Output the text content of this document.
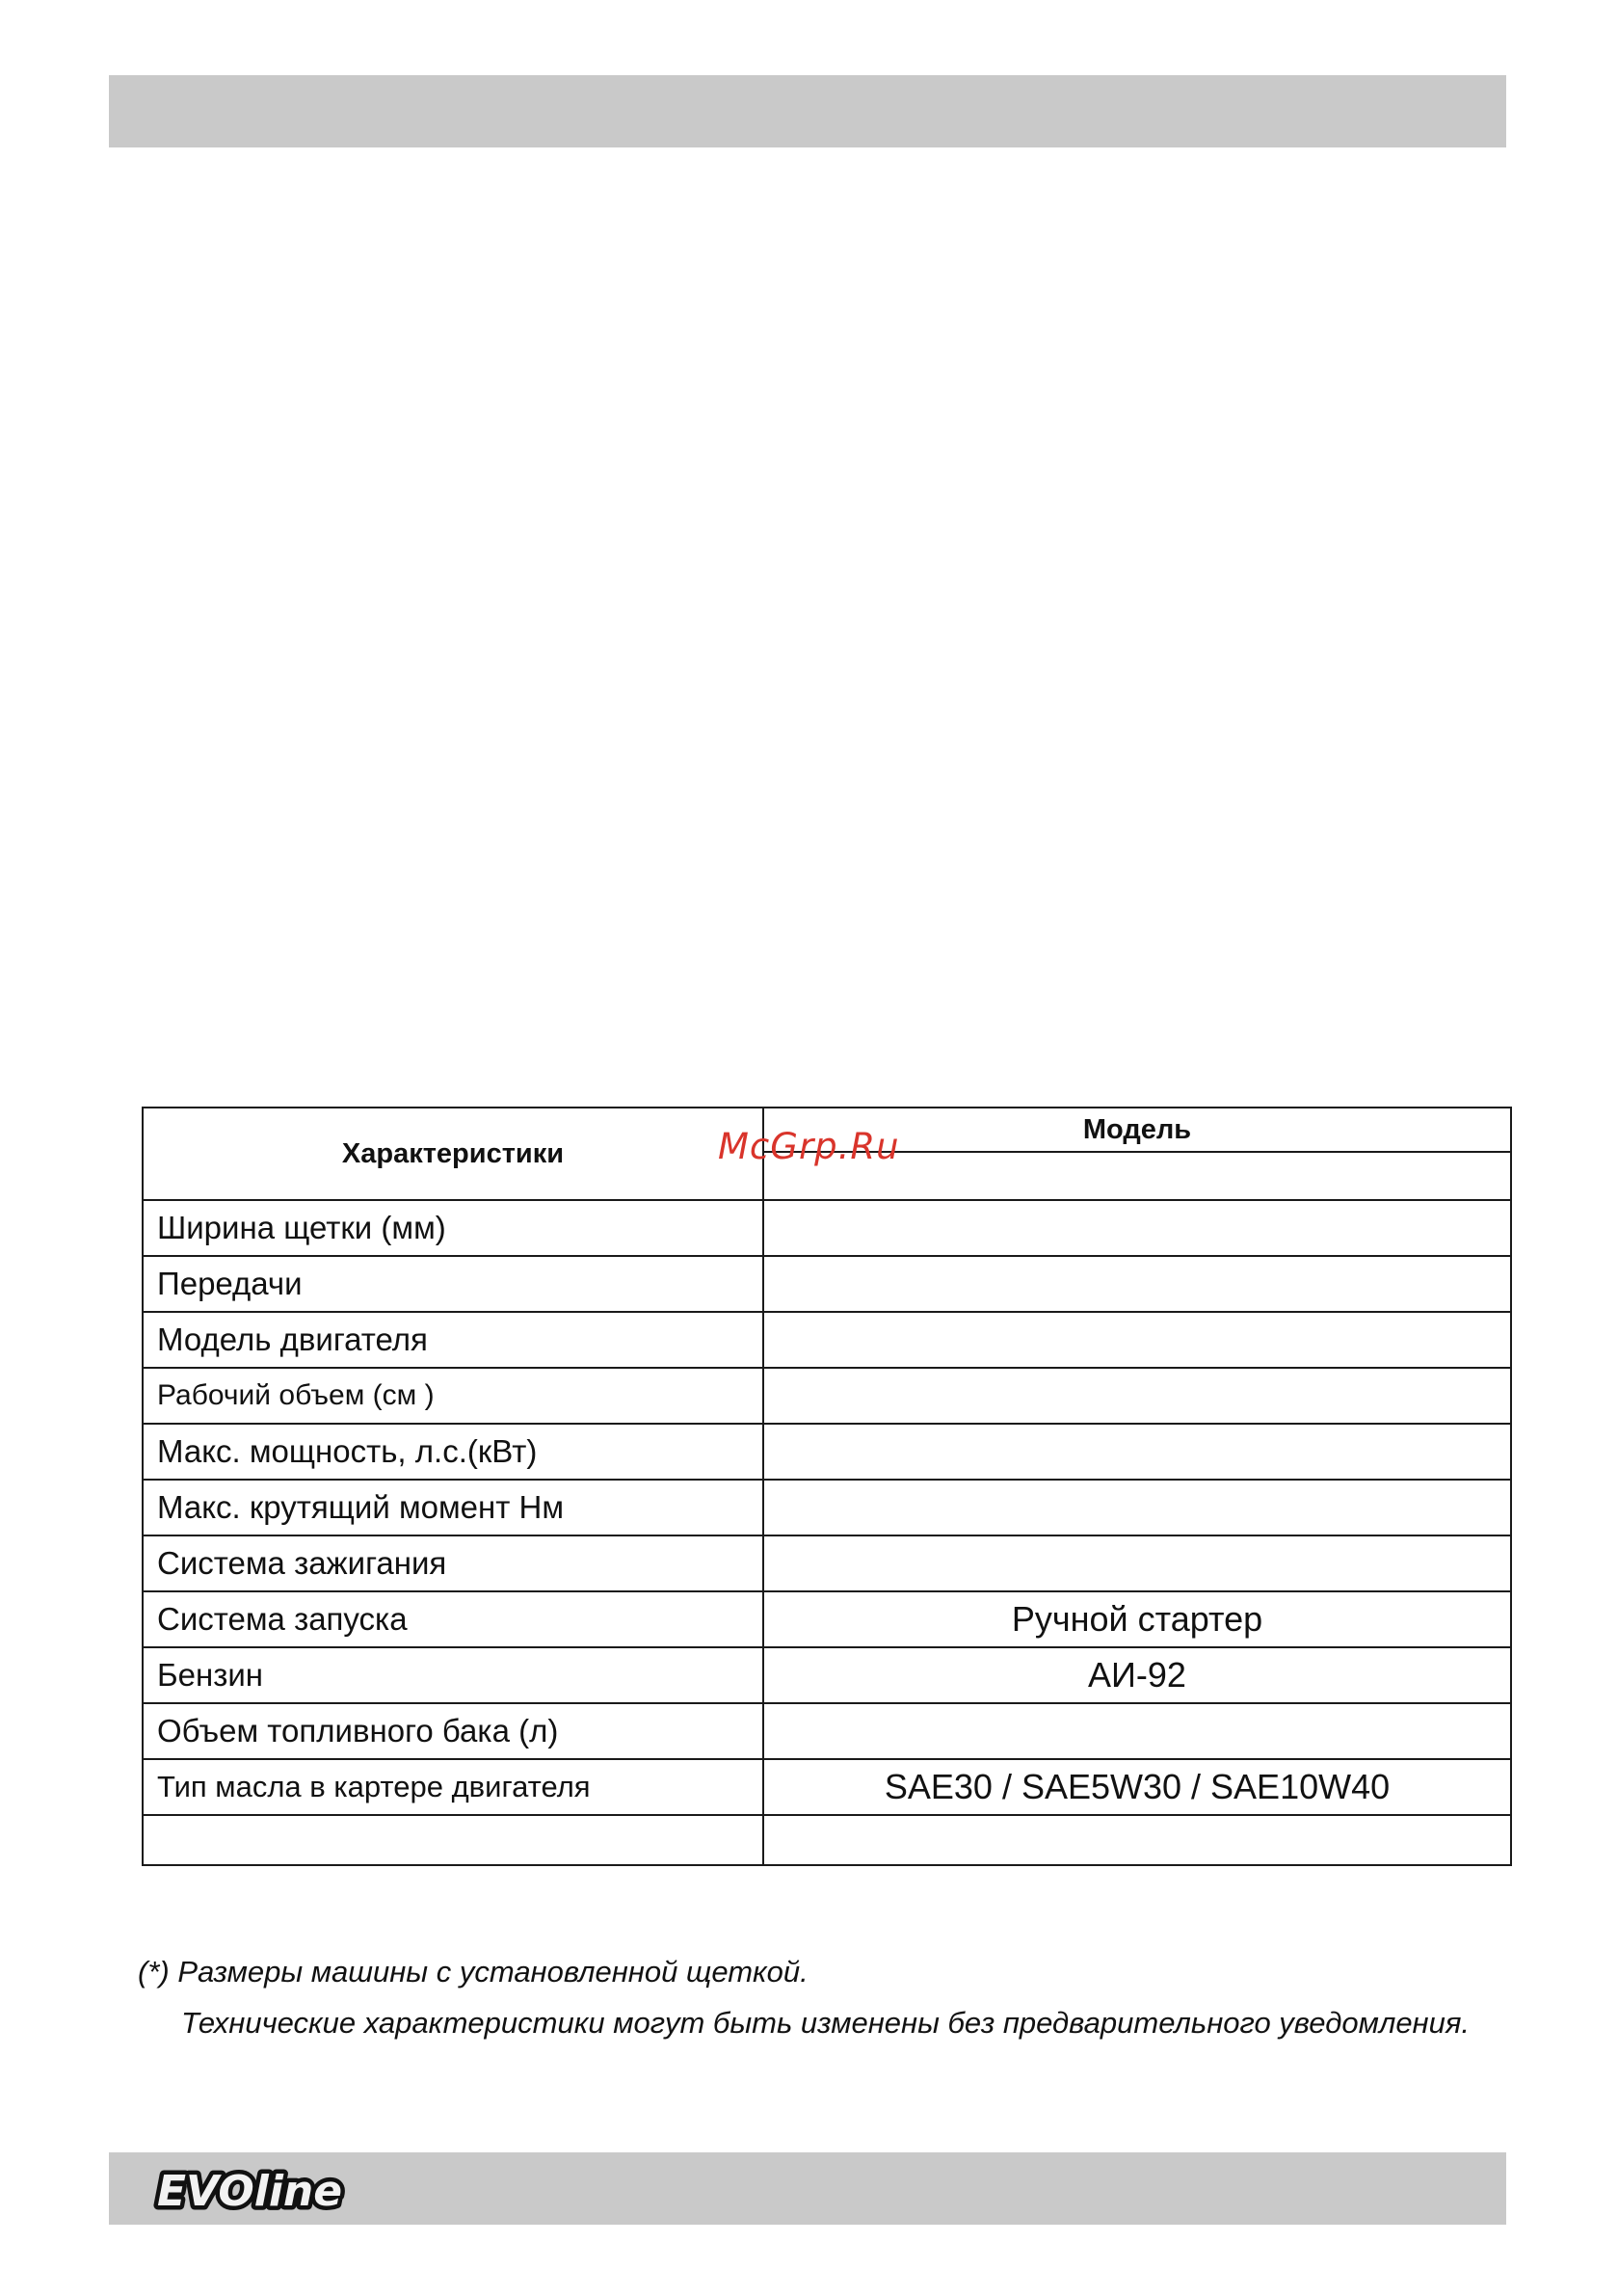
Характеристики	Модель

Ширина щетки (мм)	
Передачи	
Модель двигателя	
Рабочий объем (см )	
Макс. мощность, л.с.(кВт)	
Макс. крутящий момент Нм	
Система зажигания	
Система запуска	Ручной стартер
Бензин	АИ-92
Объем топливного бака (л)	
Тип масла в картере двигателя	SAE30 / SAE5W30 / SAE10W40

McGrp.Ru
(*) Размеры машины с установленной щеткой.
Технические характеристики могут быть изменены без предварительного уведомления.
EVOline
